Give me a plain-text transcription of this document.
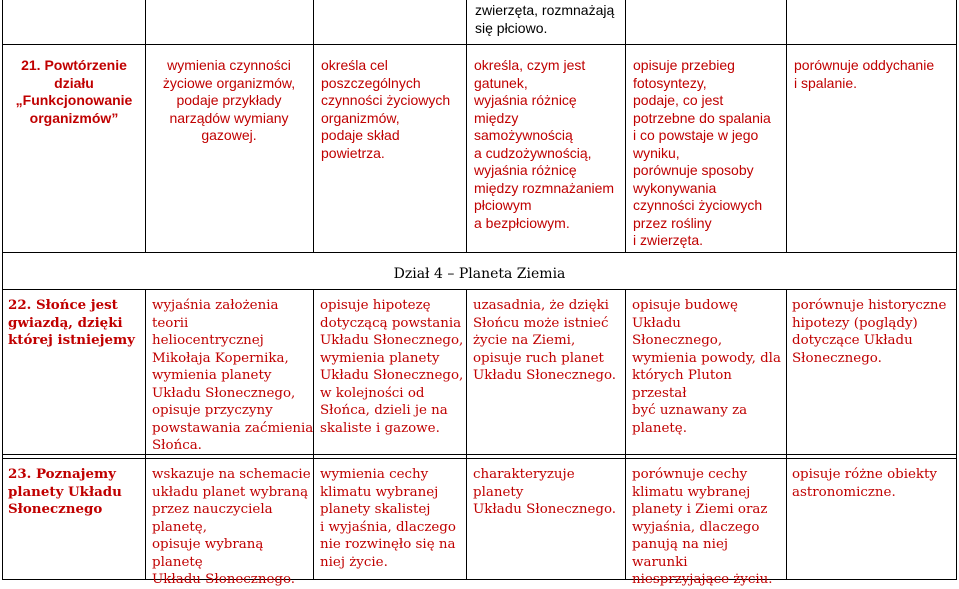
zwierzęta, rozmnażają
się płciowo.
21. Powtórzenie
działu
„Funkcjonowanie
organizmów”
wymienia czynności
życiowe organizmów,
podaje przykłady
narządów wymiany
gazowej.
określa cel
poszczególnych
czynności życiowych
organizmów,
podaje skład
powietrza.
określa, czym jest
gatunek,
wyjaśnia różnicę
między
samożywnością
a cudzożywnością,
wyjaśnia różnicę
między rozmnażaniem
płciowym
a bezpłciowym.
opisuje przebieg
fotosyntezy,
podaje, co jest
potrzebne do spalania
i co powstaje w jego
wyniku,
porównuje sposoby
wykonywania
czynności życiowych
przez rośliny
i zwierzęta.
porównuje oddychanie
i spalanie.
Dział 4 – Planeta Ziemia
22. Słońce jest
gwiazdą, dzięki
której istniejemy
wyjaśnia założenia teorii
heliocentrycznej
Mikołaja Kopernika,
wymienia planety
Układu Słonecznego,
opisuje przyczyny
powstawania zaćmienia
Słońca.
opisuje hipotezę
dotyczącą powstania
Układu Słonecznego,
wymienia planety
Układu Słonecznego,
w kolejności od
Słońca, dzieli je na
skaliste i gazowe.
uzasadnia, że dzięki
Słońcu może istnieć
życie na Ziemi,
opisuje ruch planet
Układu Słonecznego.
opisuje budowę Układu
Słonecznego,
wymienia powody, dla
których Pluton przestał
być uznawany za
planetę.
porównuje historyczne
hipotezy (poglądy)
dotyczące Układu
Słonecznego.
23. Poznajemy
planety Układu
Słonecznego
wskazuje na schemacie
układu planet wybraną
przez nauczyciela
planetę,
opisuje wybraną planetę
Układu Słonecznego.
wymienia cechy
klimatu wybranej
planety skalistej
i wyjaśnia, dlaczego
nie rozwinęło się na
niej życie.
charakteryzuje planety
Układu Słonecznego.
porównuje cechy
klimatu wybranej
planety i Ziemi oraz
wyjaśnia, dlaczego
panują na niej warunki
niesprzyjające życiu.
opisuje różne obiekty
astronomiczne.
